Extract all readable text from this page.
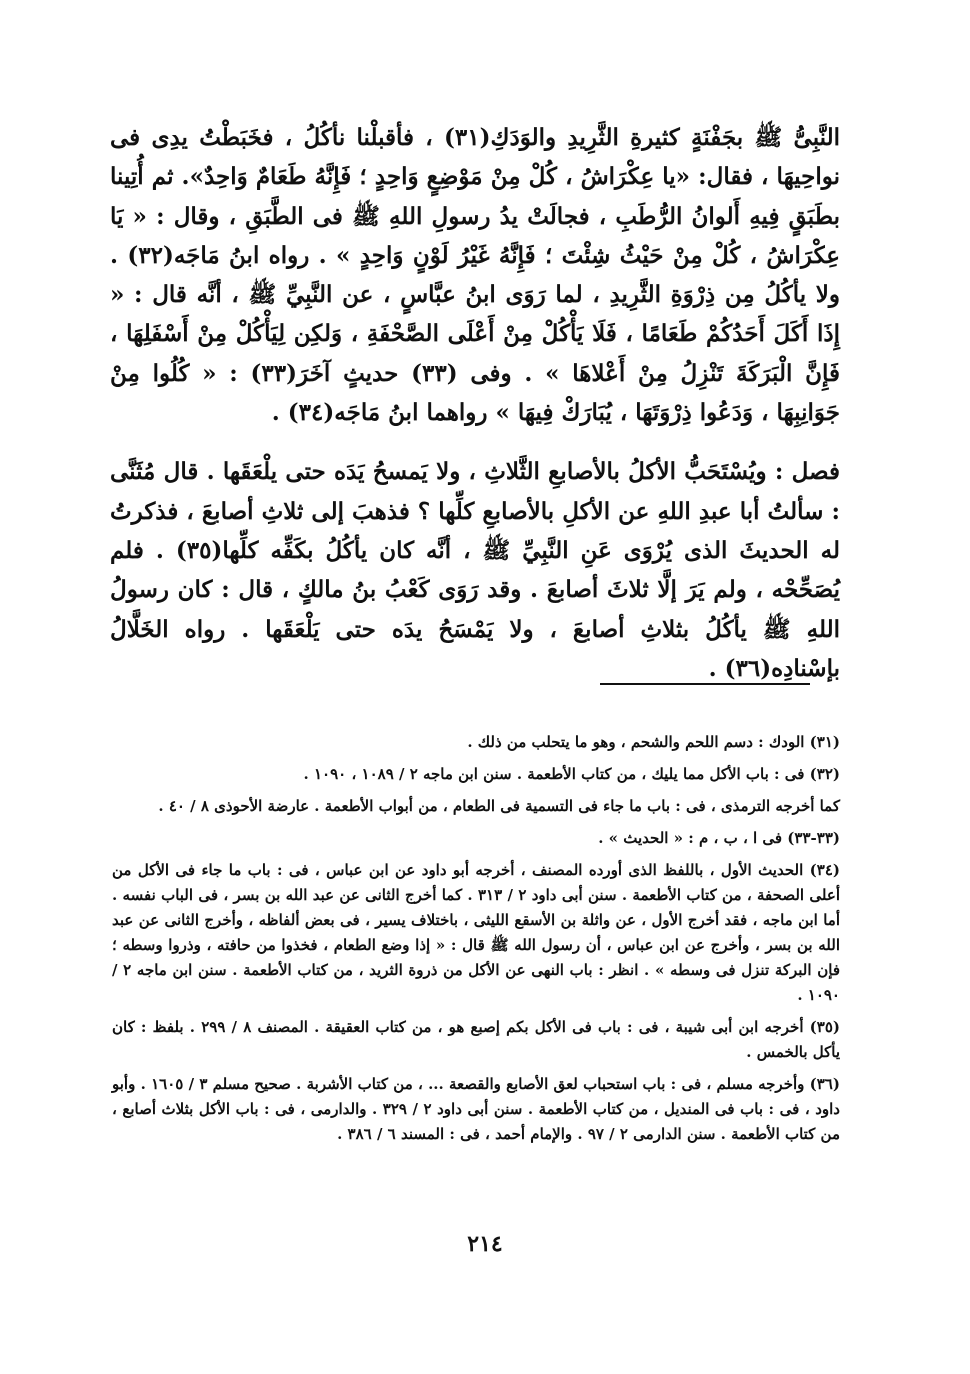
النَّبِىُّ ﷺ بجَفْنَةٍ كثيرةِ الثَّرِيدِ والوَدَكِ(٣١) ، فأقبلْنا نأكُلُ ، فخَبَطْتُ يدِى فى نواحِيهَا ، فقال: «يا عِكْرَاشُ ، كُلْ مِنْ مَوْضِعٍ وَاحِدٍ ؛ فَإِنَّهُ طَعَامٌ وَاحِدٌ». ثم أُتِينا بطَبَقٍ فِيهِ أَلوانُ الرُّطَبِ ، فجالَتْ يدُ رسولِ اللهِ ﷺ فى الطَّبَقِ ، وقال : « يَا عِكْرَاشُ ، كُلْ مِنْ حَيْثُ شِئْتَ ؛ فَإِنَّهُ غَيْرُ لَوْنٍ وَاحِدٍ » . رواه ابنُ مَاجَه(٣٢) . ولا يأكُلُ مِن ذِرْوَةِ الثَّرِيدِ ، لما رَوَى ابنُ عبَّاسٍ ، عن النَّبِيِّ ﷺ ، أنَّه قال : « إِذَا أَكَلَ أَحَدُكُمْ طَعَامًا ، فَلَا يَأْكُلْ مِنْ أَعْلَى الصَّحْفَةِ ، وَلكِن لِيَأْكُلْ مِنْ أَسْفَلِهَا ، فَإِنَّ الْبَرَكَةَ تَنْزِلُ مِنْ أَعْلاهَا » . وفى (٣٣) حديثٍ آخَرَ(٣٣) : « كُلُوا مِنْ جَوَانِبِهَا ، وَدَعُوا ذِرْوَتَهَا ، يُبَارَكْ فِيهَا » رواهما ابنُ مَاجَه(٣٤) .

فصل : ويُسْتَحَبُّ الأكلُ بالأصابعِ الثَّلاثِ ، ولا يَمسحُ يَدَه حتى يلْعَقَها . قال مُثَنَّى : سألتُ أبا عبدِ اللهِ عن الأكلِ بالأصابعِ كلِّها ؟ فذهبَ إلى ثلاثِ أصابعَ ، فذكرتُ له الحديثَ الذى يُرْوَى عَنِ النَّبِيِّ ﷺ ، أنَّه كان يأكُلُ بكَفِّه كلِّها(٣٥) . فلم يُصَحِّحْه ، ولم يَرَ إلَّا ثلاثَ أصابعَ . وقد رَوَى كَعْبُ بنُ مالكٍ ، قال : كان رسولُ اللهِ ﷺ يأكُلُ بثلاثِ أصابعَ ، ولا يَمْسَحُ يدَه حتى يَلْعَقَها . رواه الخَلَّالُ بإسْنادِه(٣٦) .

(٣١) الودك : دسم اللحم والشحم ، وهو ما يتحلب من ذلك .

(٣٢) فى : باب الأكل مما يليك ، من كتاب الأطعمة . سنن ابن ماجه ٢ / ١٠٨٩ ، ١٠٩٠ .

كما أخرجه الترمذى ، فى : باب ما جاء فى التسمية فى الطعام ، من أبواب الأطعمة . عارضة الأحوذى ٨ / ٤٠ .

(٣٣-٣٣) فى ا ، ب ، م : « الحديث » .

(٣٤) الحديث الأول ، باللفظ الذى أورده المصنف ، أخرجه أبو داود عن ابن عباس ، فى : باب ما جاء فى الأكل من أعلى الصحفة ، من كتاب الأطعمة . سنن أبى داود ٢ / ٣١٣ . كما أخرج الثانى عن عبد الله بن بسر ، فى الباب نفسه . أما ابن ماجه ، فقد أخرج الأول ، عن واثلة بن الأسقع الليثى ، باختلاف يسير ، فى بعض ألفاظه ، وأخرج الثانى عن عبد الله بن بسر ، وأخرج عن ابن عباس ، أن رسول الله ﷺ قال : « إذا وضع الطعام ، فخذوا من حافته ، وذروا وسطه ؛ فإن البركة تنزل فى وسطه » . انظر : باب النهى عن الأكل من ذروة الثريد ، من كتاب الأطعمة . سنن ابن ماجه ٢ / ١٠٩٠ .

(٣٥) أخرجه ابن أبى شيبة ، فى : باب فى الأكل بكم إصبع هو ، من كتاب العقيقة . المصنف ٨ / ٢٩٩ . بلفظ : كان يأكل بالخمس .

(٣٦) وأخرجه مسلم ، فى : باب استحباب لعق الأصابع والقصعة ... ، من كتاب الأشربة . صحيح مسلم ٣ / ١٦٠٥ . وأبو داود ، فى : باب فى المنديل ، من كتاب الأطعمة . سنن أبى داود ٢ / ٣٢٩ . والدارمى ، فى : باب الأكل بثلاث أصابع ، من كتاب الأطعمة . سنن الدارمى ٢ / ٩٧ . والإمام أحمد ، فى : المسند ٦ / ٣٨٦ .

٢١٤
